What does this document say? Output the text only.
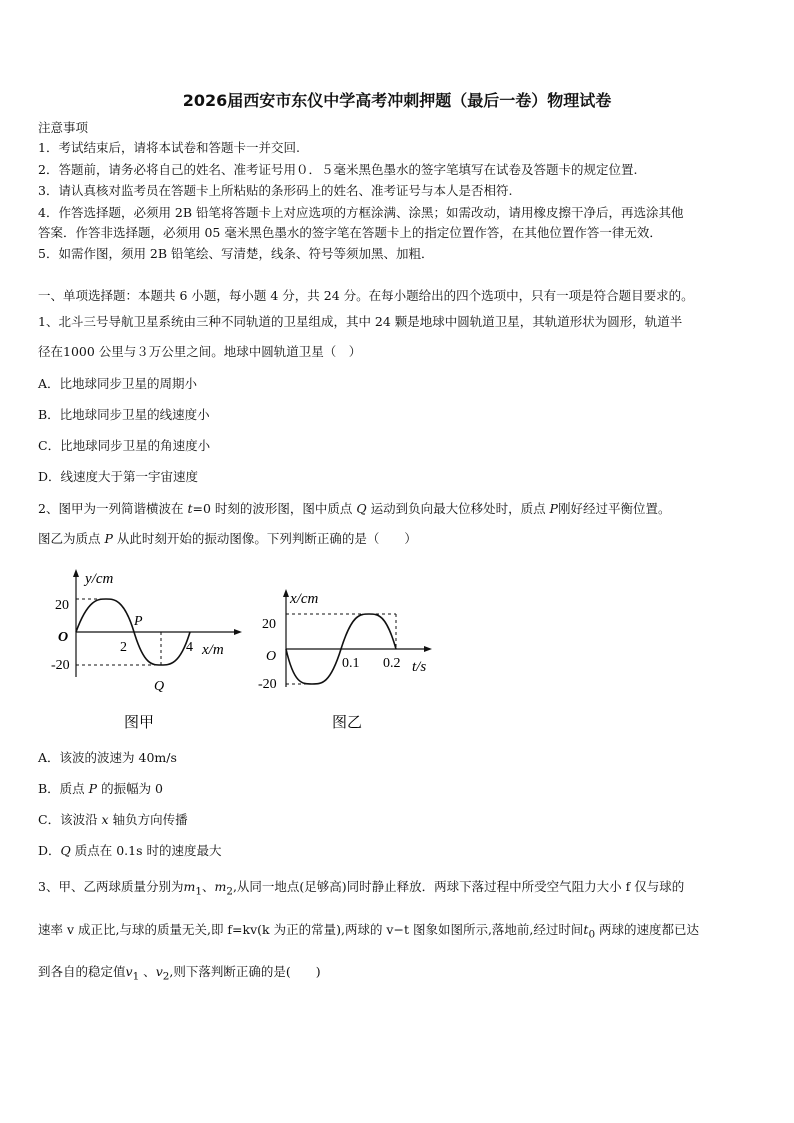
2026届西安市东仪中学高考冲刺押题（最后一卷）物理试卷
注意事项
1．考试结束后，请将本试卷和答题卡一并交回.
2．答题前，请务必将自己的姓名、准考证号用０．５毫米黑色墨水的签字笔填写在试卷及答题卡的规定位置.
3．请认真核对监考员在答题卡上所粘贴的条形码上的姓名、准考证号与本人是否相符.
4．作答选择题，必须用 2B 铅笔将答题卡上对应选项的方框涂满、涂黑；如需改动，请用橡皮擦干净后，再选涂其他
答案．作答非选择题，必须用 05 毫米黑色墨水的签字笔在答题卡上的指定位置作答，在其他位置作答一律无效．
5．如需作图，须用 2B 铅笔绘、写清楚，线条、符号等须加黑、加粗．
一、单项选择题：本题共 6 小题，每小题 4 分，共 24 分。在每小题给出的四个选项中，只有一项是符合题目要求的。
1、北斗三号导航卫星系统由三种不同轨道的卫星组成，其中 24 颗是地球中圆轨道卫星，其轨道形状为圆形，轨道半
径在1000 公里与３万公里之间。地球中圆轨道卫星（　）
A．比地球同步卫星的周期小
B．比地球同步卫星的线速度小
C．比地球同步卫星的角速度小
D．线速度大于第一宇宙速度
2、图甲为一列简谐横波在 t=0 时刻的波形图，图中质点 Q 运动到负向最大位移处时，质点 P刚好经过平衡位置。
图乙为质点 P 从此时刻开始的振动图像。下列判断正确的是（　　）
y/cm
20
O
-20
2	4 x/m
P
Q
图甲
x/cm
20
O
-20
0.1 0.2 t/s
图乙
A．该波的波速为 40m/s
B．质点 P 的振幅为 0
C．该波沿 x 轴负方向传播
D．Q 质点在 0.1s 时的速度最大
3、甲、乙两球质量分别为$m_1$、$m_2$,从同一地点(足够高)同时静止释放．两球下落过程中所受空气阻力大小 f 仅与球的
速率 v 成正比,与球的质量无关,即 f=kv(k 为正的常量),两球的 v−t 图象如图所示,落地前,经过时间$t_0$ 两球的速度都已达
到各自的稳定值$v_1$ 、$v_2$,则下落判断正确的是(　　)
